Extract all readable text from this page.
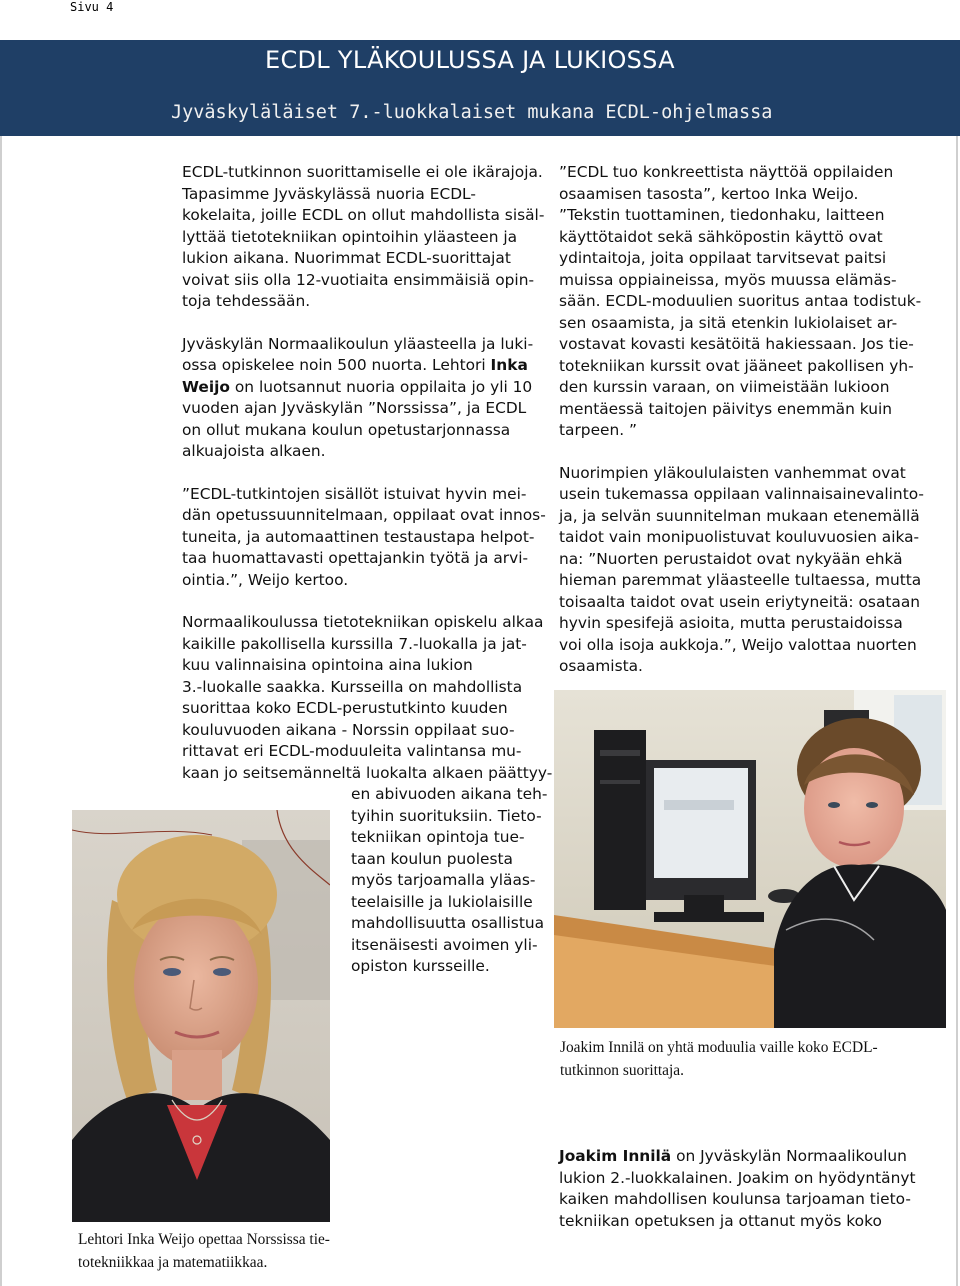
Sivu 4
ECDL YLÄKOULUSSA JA LUKIOSSA
Jyväskyläläiset 7.-luokkalaiset mukana ECDL-ohjelmassa

ECDL-tutkinnon suorittamiselle ei ole ikärajoja.

Tapasimme Jyväskylässä nuoria ECDL-

kokelaita, joille ECDL on ollut mahdollista sisäl-

lyttää tietotekniikan opintoihin yläasteen ja

lukion aikana. Nuorimmat ECDL-suorittajat

voivat siis olla 12-vuotiaita ensimmäisiä opin-

toja tehdessään.

Jyväskylän Normaalikoulun yläasteella ja luki-

ossa opiskelee noin 500 nuorta. Lehtori Inka

Weijo on luotsannut nuoria oppilaita jo yli 10

vuoden ajan Jyväskylän ”Norssissa”, ja ECDL

on ollut mukana koulun opetustarjonnassa

alkuajoista alkaen.

”ECDL-tutkintojen sisällöt istuivat hyvin mei-

dän opetussuunnitelmaan, oppilaat ovat innos-

tuneita, ja automaattinen testaustapa helpot-

taa huomattavasti opettajankin työtä ja arvi-

ointia.”, Weijo kertoo.

Normaalikoulussa tietotekniikan opiskelu alkaa

kaikille pakollisella kurssilla 7.-luokalla ja jat-

kuu valinnaisina opintoina aina lukion

3.-luokalle saakka. Kursseilla on mahdollista

suorittaa koko ECDL-perustutkinto kuuden

kouluvuoden aikana - Norssin oppilaat suo-

rittavat eri ECDL-moduuleita valintansa mu-

kaan jo seitsemänneltä luokalta alkaen päättyy-

en abivuoden aikana teh-

tyihin suorituksiin. Tieto-

tekniikan opintoja tue-

taan koulun puolesta

myös tarjoamalla yläas-

teelaisille ja lukiolaisille

mahdollisuutta osallistua

itsenäisesti avoimen yli-

opiston kursseille.

”ECDL tuo konkreettista näyttöä oppilaiden

osaamisen tasosta”, kertoo Inka Weijo.

”Tekstin tuottaminen, tiedonhaku, laitteen

käyttötaidot sekä sähköpostin käyttö ovat

ydintaitoja, joita oppilaat tarvitsevat paitsi

muissa oppiaineissa, myös muussa elämäs-

sään. ECDL-moduulien suoritus antaa todistuk-

sen osaamista, ja sitä etenkin lukiolaiset ar-

vostavat kovasti kesätöitä hakiessaan. Jos tie-

totekniikan kurssit ovat jääneet pakollisen yh-

den kurssin varaan, on viimeistään lukioon

mentäessä taitojen päivitys enemmän kuin

tarpeen. ”

Nuorimpien yläkoululaisten vanhemmat ovat

usein tukemassa oppilaan valinnaisainevalinto-

ja, ja selvän suunnitelman mukaan etenemällä

taidot vain monipuolistuvat kouluvuosien aika-

na: ”Nuorten perustaidot ovat nykyään ehkä

hieman paremmat yläasteelle tultaessa, mutta

toisaalta taidot ovat usein eriytyneitä: osataan

hyvin spesifejä asioita, mutta perustaidoissa

voi olla isoja aukkoja.”, Weijo valottaa nuorten

osaamista.

Lehtori Inka Weijo opettaa Norssissa tie-

totekniikkaa ja matematiikkaa.

Joakim Innilä on yhtä moduulia vaille koko ECDL-

tutkinnon suorittaja.

Joakim Innilä on Jyväskylän Normaalikoulun

lukion 2.-luokkalainen. Joakim on hyödyntänyt

kaiken mahdollisen koulunsa tarjoaman tieto-

tekniikan opetuksen ja ottanut myös koko
